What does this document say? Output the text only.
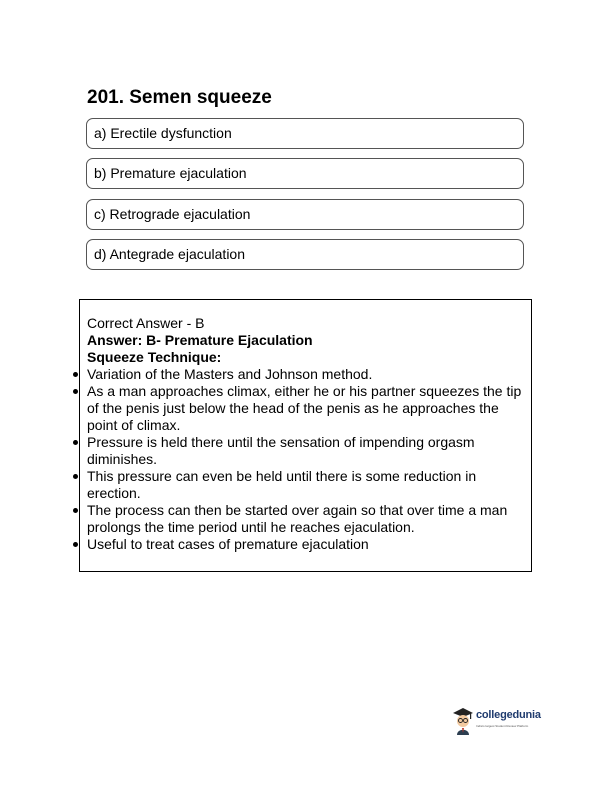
201. Semen squeeze
a) Erectile dysfunction
b) Premature ejaculation
c) Retrograde ejaculation
d) Antegrade ejaculation
Correct Answer - B
Answer: B- Premature Ejaculation
Squeeze Technique:
Variation of the Masters and Johnson method.
As a man approaches climax, either he or his partner squeezes the tip of the penis just below the head of the penis as he approaches the point of climax.
Pressure is held there until the sensation of impending orgasm diminishes.
This pressure can even be held until there is some reduction in erection.
The process can then be started over again so that over time a man prolongs the time period until he reaches ejaculation.
Useful to treat cases of premature ejaculation
collegedunia
India's largest Student Review Platform
